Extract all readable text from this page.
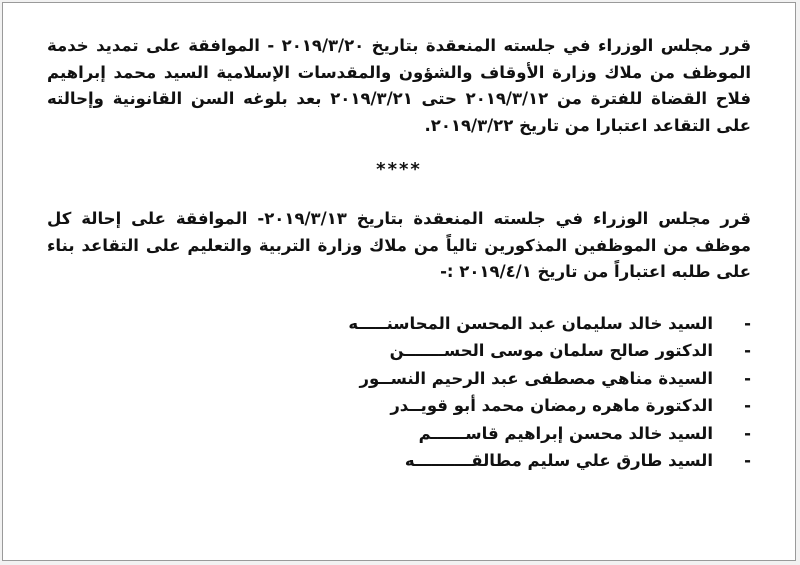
قرر مجلس الوزراء في جلسته المنعقدة بتاريخ ٢٠١٩/٣/٢٠ - الموافقة على تمديد خدمة الموظف من ملاك وزارة الأوقاف والشؤون والمقدسات الإسلامية السيد محمد إبراهيم فلاح القضاة للفترة من ٢٠١٩/٣/١٢ حتى ٢٠١٩/٣/٢١ بعد بلوغه السن القانونية وإحالته على التقاعد اعتبارا من تاريخ ٢٠١٩/٣/٢٢.

****

قرر مجلس الوزراء في جلسته المنعقدة بتاريخ ٢٠١٩/٣/١٣- الموافقة على إحالة كل موظف من الموظفين المذكورين تالياً من ملاك وزارة التربية والتعليم على التقاعد بناء على طلبه اعتباراً من تاريخ ٢٠١٩/٤/١ :-

-
السيد خالد سليمان عبد المحسن المحاسنـــــه
-
الدكتور صالح سلمان موسى الحســـــــن
-
السيدة مناهي مصطفى عبد الرحيم النســور
-
الدكتورة ماهره رمضان محمد أبو قويــدر
-
السيد خالد محسن إبراهيم قاســــــم
-
السيد طارق علي سليم مطالقــــــــــه
